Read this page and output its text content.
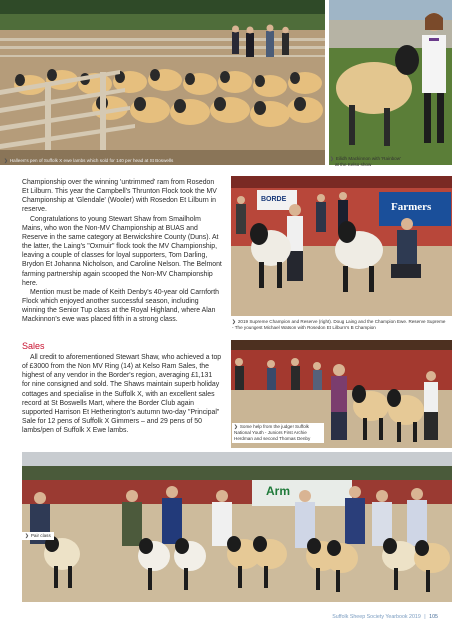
❯ Halleen's pen of Suffolk X ewe lambs which sold for 140 per head at St Boswells	❯ Eilidh Mackinnon with 'Rainbow'
at the Kelso show

Championship over the winning 'untrimmed' ram from Rosedon Et Lilburn. This year the Campbell's Thrunton Flock took the MV Championship at 'Glendale' (Wooler) with Rosedon Et Lilburn in reserve.

Congratulations to young Stewart Shaw from Smailholm Mains, who won the Non-MV Championship at BUAS and Reserve in the same category at Berwickshire County (Duns). At the latter, the Laing's "Oxmuir" flock took the MV Championship, leaving a couple of classes for loyal supporters, Tom Darling, Brydon Et Johanna Nicholson, and Caroline Nelson. The Belmont farming partnership again scooped the Non-MV Championship here.

Mention must be made of Keith Denby's 40-year old Carnforth Flock which enjoyed another successful season, including winning the Senior Tup class at the Royal Highland, where Alan Mackinnon's ewe was placed fifth in a strong class.

Sales

All credit to aforementioned Stewart Shaw, who achieved a top of £3000 from the Non MV Ring (14) at Kelso Ram Sales, the highest of any vendor in the Border's region, averaging £1,131 for nine consigned and sold. The Shaws maintain superb holiday cottages and specialise in the Suffolk X, with an excellent sales record at St Boswells Mart, where the Border Club again supported Harrison Et Hetherington's autumn two-day "Principal" Sale for 12 pens of Suffolk X Gimmers – and 29 pens of 50 lambs/pen of Suffolk X Ewe lambs.

BORDE
Farmers
❯ 2019 Supreme Champion and Reserve (right). Doug Laing and the Champion Ewe. Reserve Supreme - The youngest Michael Watson with Rosedon Et Lilburn's B Champion
❯ Some help from the judge! Suffolk National Youth - Juniors First Archie Herdman and second Thomas Denby
Arm
❯ Pair class
Suffolk Sheep Society Yearbook 2019 | 105
